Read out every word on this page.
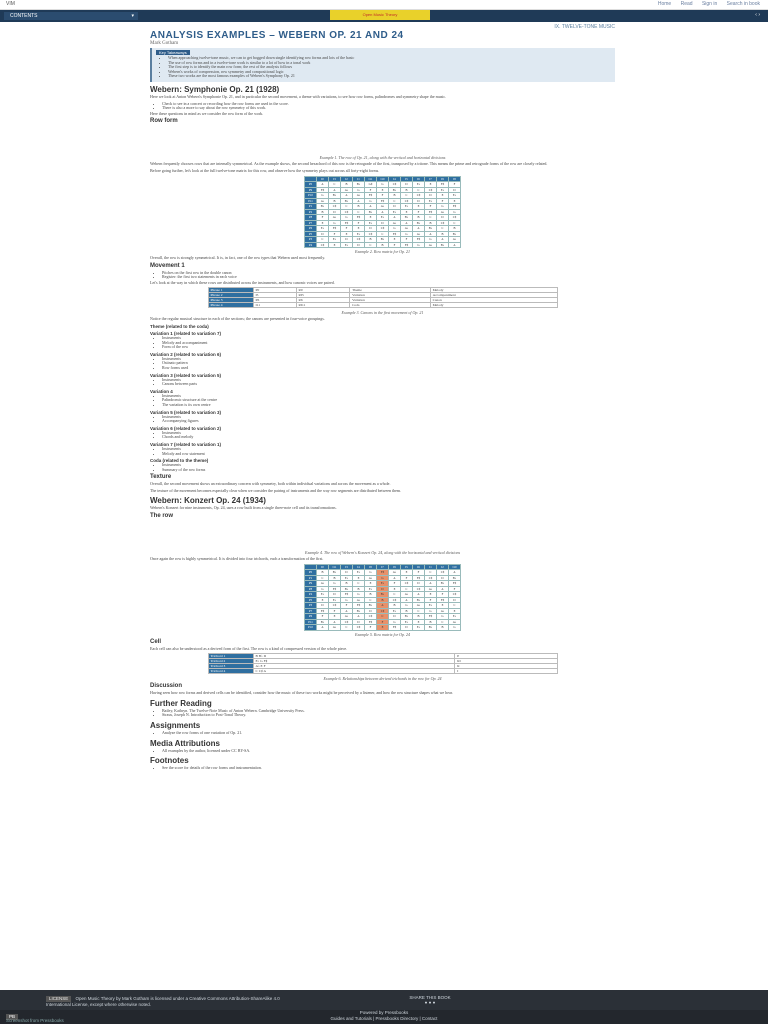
VIM	Home Read Sign in Search in book
CONTENTS	▾	Open Music Theory	‹ ›
IX. TWELVE-TONE MUSIC
ANALYSIS EXAMPLES – WEBERN OP. 21 AND 24
Mark Gotham
Key Takeaways
• When approaching twelve-tone music, we can to get bogged down single identifying row forms and lots of the basic
• The use of row forms and in a twelve-tone work is similar to a lot of how in a tonal work
• The first step is to identify the main row form; the rest of the analysis follows
• Webern's works of compression, row symmetry and compositional logic
• These two works are the most famous examples of Webern's Symphony Op. 21
Webern: Symphonie Op. 21 (1928)

Here we look at Anton Webern's Symphonie Op. 21, and in particular the second movement, a theme with variations, to see how row forms, palindromes and symmetry shape the music.

• Check to see in a concert or recording how the row forms are used in the score.
• There is also a more to say about the row symmetry of this work.

Here these questions in mind as we consider the row form of the work.

Row form
Example 1. The row of Op. 21, along with the vertical and horizontal divisions

Webern frequently chooses rows that are internally symmetrical. As the example shows, the second hexachord of this row is the retrograde of the first, transposed by a tritone. This means the prime and retrograde forms of the row are closely related.

Before going further, let's look at the full twelve-tone matrix for this row, and observe how the symmetry plays out across all forty-eight forms.

	I0	I3	I2	I1	I11	I10	I4	I5	I6	I7	I9	I8
P0	A	C	B	B♭	G♯	G	C♯	D	E♭	E	F♯	F
P9	F♯	A	A♭	G	F	E	B♭	B	C	C♯	E♭	D
P10	G	B♭	A	A♭	F♯	F	B	C	C♯	D	E	E♭
P11	A♭	B	B♭	A	G	F♯	C	C♯	D	E♭	F	E
P1	B♭	C♯	C	B	A	A♭	D	E♭	E	F	G	F♯
P2	B	D	C♯	C	B♭	A	E♭	E	F	F♯	A♭	G
P8	F	A♭	G	F♯	E	E♭	A	B♭	B	C	D	C♯
P7	E	G	F♯	F	E♭	D	A♭	A	B♭	B	C♯	C
P6	E♭	F♯	F	E	D	C♯	G	A♭	A	B♭	C	B
P5	D	F	E	E♭	C♯	C	F♯	G	A♭	A	B	B♭
P3	C	E♭	D	C♯	B	B♭	E	F	F♯	G	A	A♭
P4	C♯	E	E♭	D	C	B	F	F♯	G	A♭	B♭	A
Example 2. Row matrix for Op. 21

Overall, the row is strongly symmetrical. It is, in fact, one of the row types that Webern used most frequently.

Movement 1
• Pitches on the first row in the double canon
• Register: the first two statements in each voice

Let's look at the way in which these rows are distributed across the instruments, and how canonic voices are paired.

Phrase 1	P0	R0	Theme	Melody
Phrase 2	I5	RI5	Variation	Accompaniment
Phrase 3	P6	R6	Variation	Canon
Phrase 4	I11	RI11	Coda	Melody
Example 3. Canons in the first movement of Op. 21

Notice the regular musical structure in each of the sections; the canons are presented in four-voice groupings.

Theme (related to the coda)
Variation 1 (related to variation 7)
• Instruments
• Melody and accompaniment
• Form of the row
Variation 2 (related to variation 6)
• Instruments
• Ostinato pattern
• Row forms used
Variation 3 (related to variation 5)
• Instruments
• Canons between parts
Variation 4
• Instruments
• Palindromic structure at the centre
• The variation is its own centre
Variation 5 (related to variation 3)
• Instruments
• Accompanying figures
Variation 6 (related to variation 2)
• Instruments
• Chords and melody
Variation 7 (related to variation 1)
• Instruments
• Melody and row statement
Coda (related to the theme)
• Instruments
• Summary of the row forms
Texture

Overall, the second movement shows an extraordinary concern with symmetry, both within individual variations and across the movement as a whole.

The texture of the movement becomes especially clear when we consider the pairing of instruments and the way row segments are distributed between them.

Webern: Konzert Op. 24 (1934)

Webern's Konzert for nine instruments, Op. 24, uses a row built from a single three-note cell and its transformations.

The row
Example 4. The row of Webern's Konzert Op. 24, along with the horizontal and vertical divisions

Once again the row is highly symmetrical. It is divided into four trichords, each a transformation of the first.

	I0	I11	I3	I4	I8	I7	I9	I5	I6	I1	I2	I10
P0	B	B♭	D	E♭	G	F♯	A♭	E	F	C	C♯	A
P1	C	B	E♭	E	A♭	G	A	F	F♯	C♯	D	B♭
P9	A♭	G	B	C	E	E♭	F	C♯	D	A	B♭	F♯
P8	G	F♯	B♭	B	E♭	D	E	C	C♯	A♭	A	F
P4	E♭	D	F♯	G	B	B♭	C	A♭	A	E	F	C♯
P5	E	E♭	G	A♭	C	B	C♯	A	B♭	F	F♯	D
P3	D	C♯	F	F♯	B♭	A	B	G	A♭	E♭	E	C
P7	F♯	F	A	B♭	D	C♯	E♭	B	C	G	A♭	E
P6	F	E	A♭	A	C♯	C	D	B♭	B	F♯	G	E♭
P11	B♭	A	C♯	D	F♯	F	G	E♭	E	B	C	A♭
P10	A	A♭	C	C♯	F	E	F♯	D	E♭	B♭	B	G
Example 5. Row matrix for Op. 24
Cell

Each cell can also be understood as a derived form of the first. The row is a kind of compressed version of the whole piece.

Trichord 1	B B♭ D	P
Trichord 2	E♭ G F♯	RI
Trichord 3	A♭ E F	R
Trichord 4	C C♯ A	I
Example 6. Relationships between derived trichords in the row for Op. 24
Discussion

Having seen how row forms and derived cells can be identified, consider how the music of these two works might be perceived by a listener, and how the row structure shapes what we hear.

Further Reading
• Bailey, Kathryn. The Twelve-Note Music of Anton Webern. Cambridge University Press.
• Straus, Joseph N. Introduction to Post-Tonal Theory.
Assignments
• Analyze the row forms of one variation of Op. 21.
Media Attributions
• All examples by the author, licensed under CC BY-SA.
Footnotes
• See the score for details of the row forms and instrumentation.
LICENSE Open Music Theory by Mark Gotham is licensed under a Creative Commons Attribution-ShareAlike 4.0 International License, except where otherwise noted.
SHARE THIS BOOK
● ● ●
PB
Powered by Pressbooks
Guides and Tutorials | Pressbooks Directory | Contact
Screenshot from Pressbooks
